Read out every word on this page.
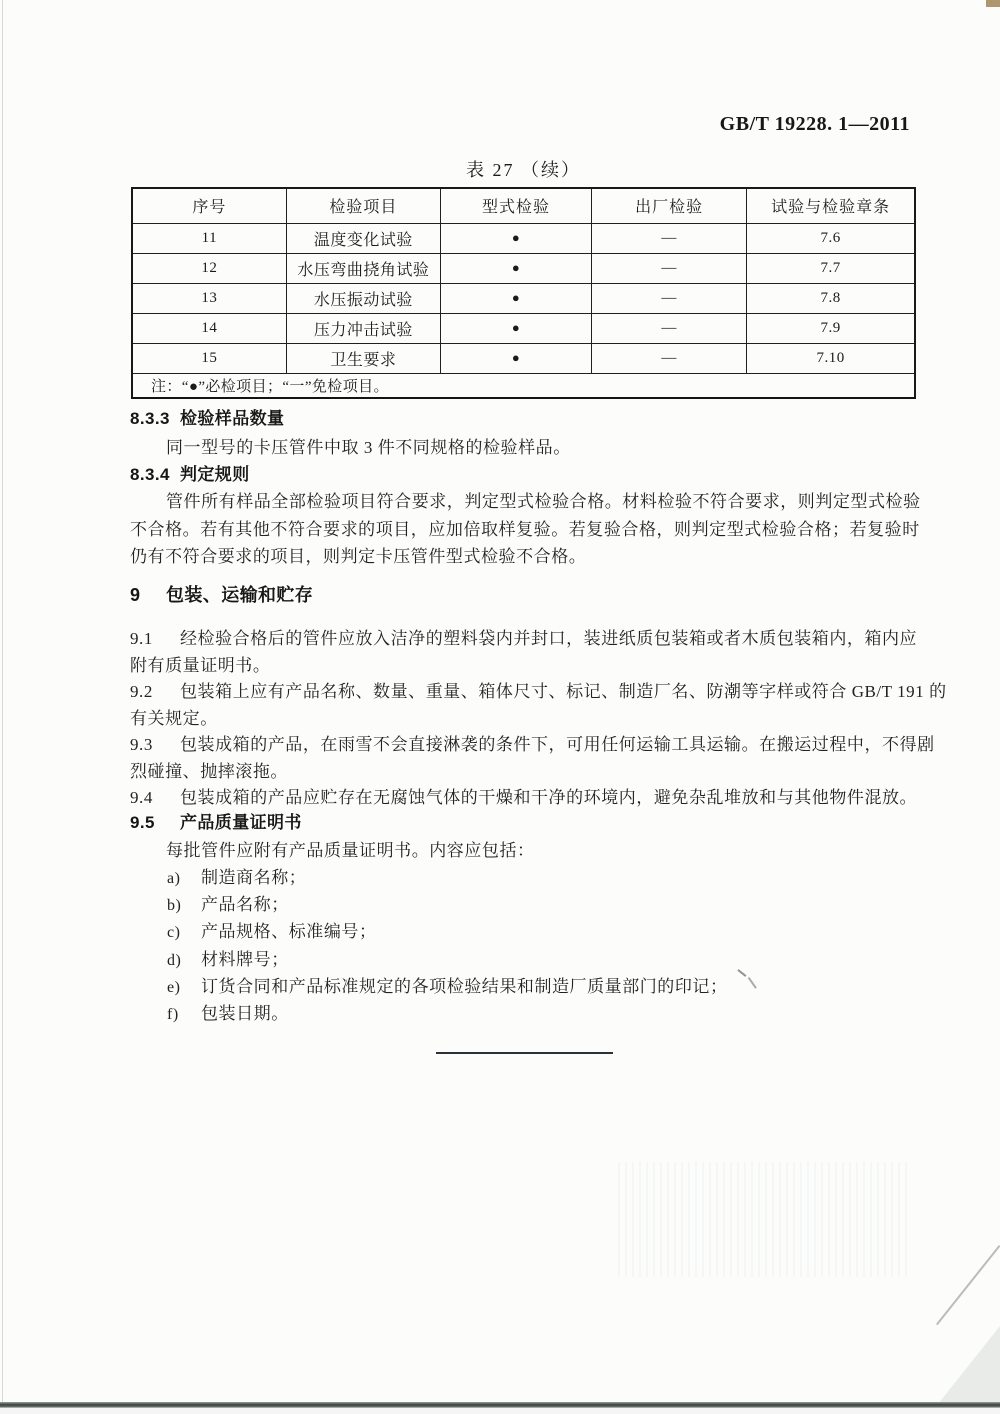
GB/T 19228. 1—2011
表 27 （续）
序号	检验项目	型式检验	出厂检验	试验与检验章条
11	温度变化试验	●	—	7.6
12	水压弯曲挠角试验	●	—	7.7
13	水压振动试验	●	—	7.8
14	压力冲击试验	●	—	7.9
15	卫生要求	●	—	7.10
注：“●”必检项目；“一”免检项目。				
8.3.3 检验样品数量
同一型号的卡压管件中取 3 件不同规格的检验样品。
8.3.4 判定规则
管件所有样品全部检验项目符合要求，判定型式检验合格。材料检验不符合要求，则判定型式检验
不合格。若有其他不符合要求的项目，应加倍取样复验。若复验合格，则判定型式检验合格；若复验时
仍有不符合要求的项目，则判定卡压管件型式检验不合格。
9 包装、运输和贮存
9.1 经检验合格后的管件应放入洁净的塑料袋内并封口，装进纸质包装箱或者木质包装箱内，箱内应
附有质量证明书。
9.2 包装箱上应有产品名称、数量、重量、箱体尺寸、标记、制造厂名、防潮等字样或符合 GB/T 191 的
有关规定。
9.3 包装成箱的产品，在雨雪不会直接淋袭的条件下，可用任何运输工具运输。在搬运过程中，不得剧
烈碰撞、抛摔滚拖。
9.4 包装成箱的产品应贮存在无腐蚀气体的干燥和干净的环境内，避免杂乱堆放和与其他物件混放。
9.5 产品质量证明书
每批管件应附有产品质量证明书。内容应包括：
a) 制造商名称；
b) 产品名称；
c) 产品规格、标准编号；
d) 材料牌号；
e) 订货合同和产品标准规定的各项检验结果和制造厂质量部门的印记；
f) 包装日期。
